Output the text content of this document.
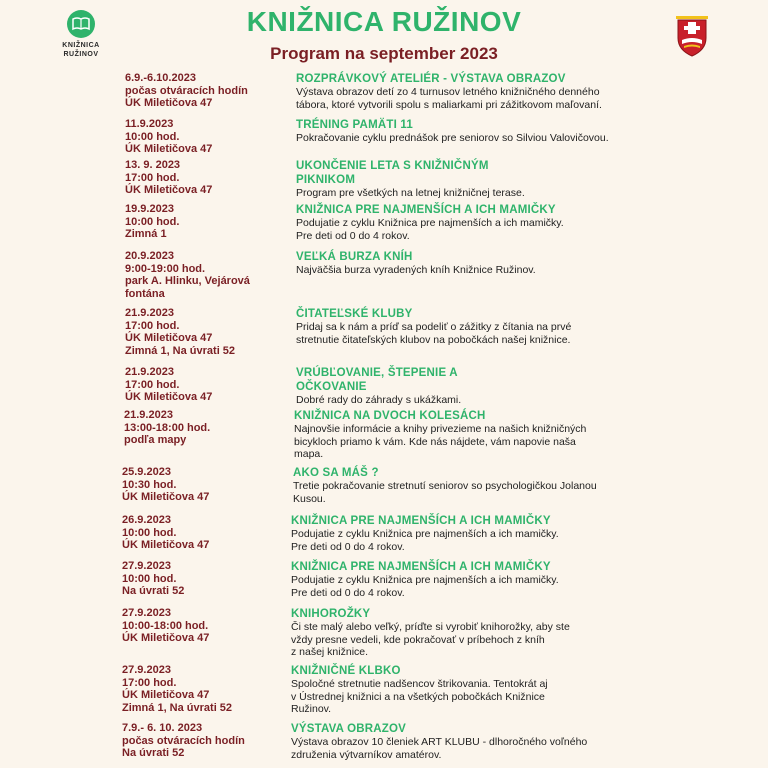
KNIŽNICA
RUŽINOV
KNIŽNICA RUŽINOV
Program na september 2023
6.9.-6.10.2023
počas otváracích hodín
ÚK Miletičova 47
ROZPRÁVKOVÝ ATELIÉR - VÝSTAVA OBRAZOV
Výstava obrazov detí zo 4 turnusov letného knižničného denného
tábora, ktoré vytvorili spolu s maliarkami pri zážitkovom maľovaní.
11.9.2023
10:00 hod.
ÚK Miletičova 47
TRÉNING PAMÄTI 11
Pokračovanie cyklu prednášok pre seniorov so Silviou Valovičovou.
13. 9. 2023
17:00 hod.
ÚK Miletičova 47
UKONČENIE LETA S KNIŽNIČNÝM PIKNIKOM
Program pre všetkých na letnej knižničnej terase.
19.9.2023
10:00 hod.
Zimná 1
KNIŽNICA PRE NAJMENŠÍCH A ICH MAMIČKY
Podujatie z cyklu Knižnica pre najmenších a ich mamičky.
Pre deti od 0 do 4 rokov.
20.9.2023
9:00-19:00 hod.
park A. Hlinku, Vejárová
fontána
VEĽKÁ BURZA KNÍH
Najväčšia burza vyradených kníh Knižnice Ružinov.
21.9.2023
17:00 hod.
ÚK Miletičova 47
Zimná 1, Na úvrati 52
ČITATEĽSKÉ KLUBY
Pridaj sa k nám a príď sa podeliť o zážitky z čítania na prvé
stretnutie čitateľských klubov na pobočkách našej knižnice.
21.9.2023
17:00 hod.
ÚK Miletičova 47
VRÚBĽOVANIE, ŠTEPENIE A OČKOVANIE
Dobré rady do záhrady s ukážkami.
21.9.2023
13:00-18:00 hod.
podľa mapy
KNIŽNICA NA DVOCH KOLESÁCH
Najnovšie informácie a knihy privezieme na našich knižničných
bicykloch priamo k vám. Kde nás nájdete, vám napovie naša
mapa.
25.9.2023
10:30 hod.
ÚK Miletičova 47
AKO SA MÁŠ ?
Tretie pokračovanie stretnutí seniorov so psychologičkou Jolanou
Kusou.
26.9.2023
10:00 hod.
ÚK Miletičova 47
KNIŽNICA PRE NAJMENŠÍCH A ICH MAMIČKY
Podujatie z cyklu Knižnica pre najmenších a ich mamičky.
Pre deti od 0 do 4 rokov.
27.9.2023
10:00 hod.
Na úvrati 52
KNIŽNICA PRE NAJMENŠÍCH A ICH MAMIČKY
Podujatie z cyklu Knižnica pre najmenších a ich mamičky.
Pre deti od 0 do 4 rokov.
27.9.2023
10:00-18:00 hod.
ÚK Miletičova 47
KNIHOROŽKY
Či ste malý alebo veľký, príďte si vyrobiť knihorožky, aby ste
vždy presne vedeli, kde pokračovať v príbehoch z kníh
z našej knižnice.
27.9.2023
17:00 hod.
ÚK Miletičova 47
Zimná 1, Na úvrati 52
KNIŽNIČNÉ KLBKO
Spoločné stretnutie nadšencov štrikovania. Tentokrát aj
v Ústrednej knižnici a na všetkých pobočkách Knižnice
Ružinov.
7.9.- 6. 10. 2023
počas otváracích hodín
Na úvrati 52
VÝSTAVA OBRAZOV
Výstava obrazov 10 členiek ART KLUBU - dlhoročného voľného
združenia výtvarníkov amatérov.
